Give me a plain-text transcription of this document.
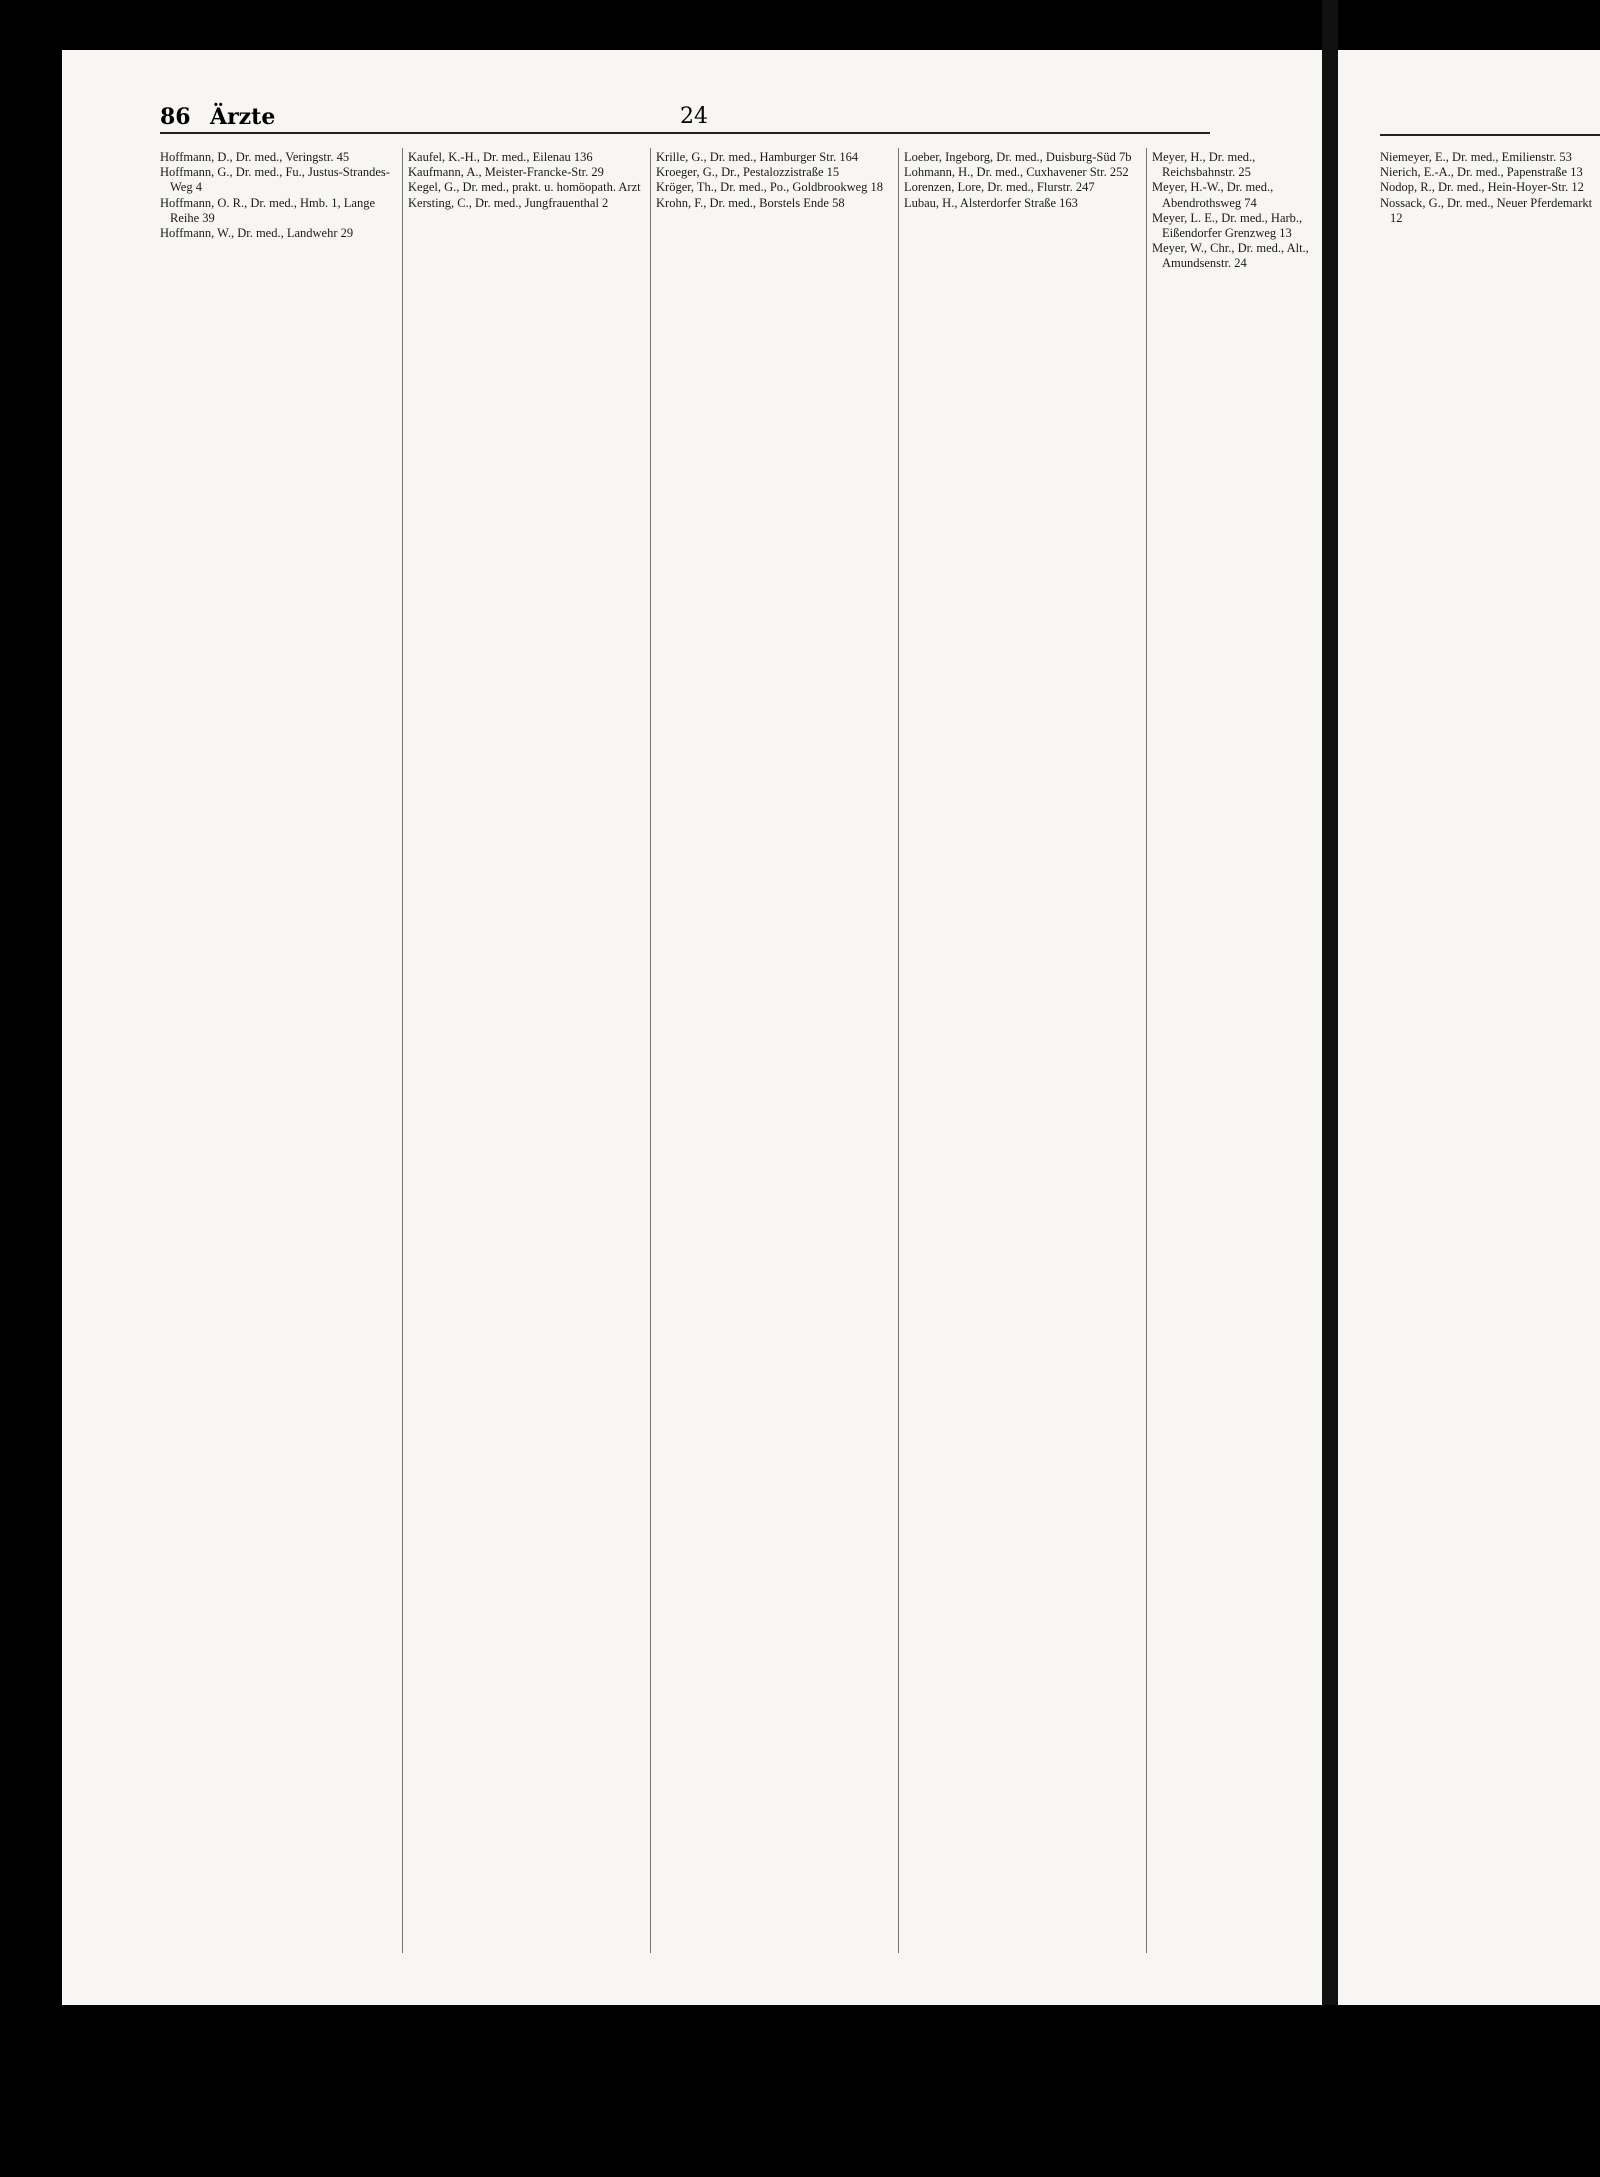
86 Ärzte	24

Hoffmann, D., Dr. med., Veringstr. 45

Hoffmann, G., Dr. med., Fu., Justus-Strandes-Weg 4

Hoffmann, O. R., Dr. med., Hmb. 1, Lange Reihe 39

Hoffmann, W., Dr. med., Landwehr 29

Kaufel, K.-H., Dr. med., Eilenau 136

Kaufmann, A., Meister-Francke-Str. 29

Kegel, G., Dr. med., prakt. u. homöopath. Arzt

Kersting, C., Dr. med., Jungfrauenthal 2

Krille, G., Dr. med., Hamburger Str. 164

Kroeger, G., Dr., Pestalozzistraße 15

Kröger, Th., Dr. med., Po., Goldbrookweg 18

Krohn, F., Dr. med., Borstels Ende 58

Loeber, Ingeborg, Dr. med., Duisburg-Süd 7b

Lohmann, H., Dr. med., Cuxhavener Str. 252

Lorenzen, Lore, Dr. med., Flurstr. 247

Lubau, H., Alsterdorfer Straße 163

Meyer, H., Dr. med., Reichsbahnstr. 25

Meyer, H.-W., Dr. med., Abendrothsweg 74

Meyer, L. E., Dr. med., Harb., Eißendorfer Grenzweg 13

Meyer, W., Chr., Dr. med., Alt., Amundsenstr. 24

Niemeyer, E., Dr. med., Emilienstr. 53

Nierich, E.-A., Dr. med., Papenstraße 13

Nodop, R., Dr. med., Hein-Hoyer-Str. 12

Nossack, G., Dr. med., Neuer Pferdemarkt 12
